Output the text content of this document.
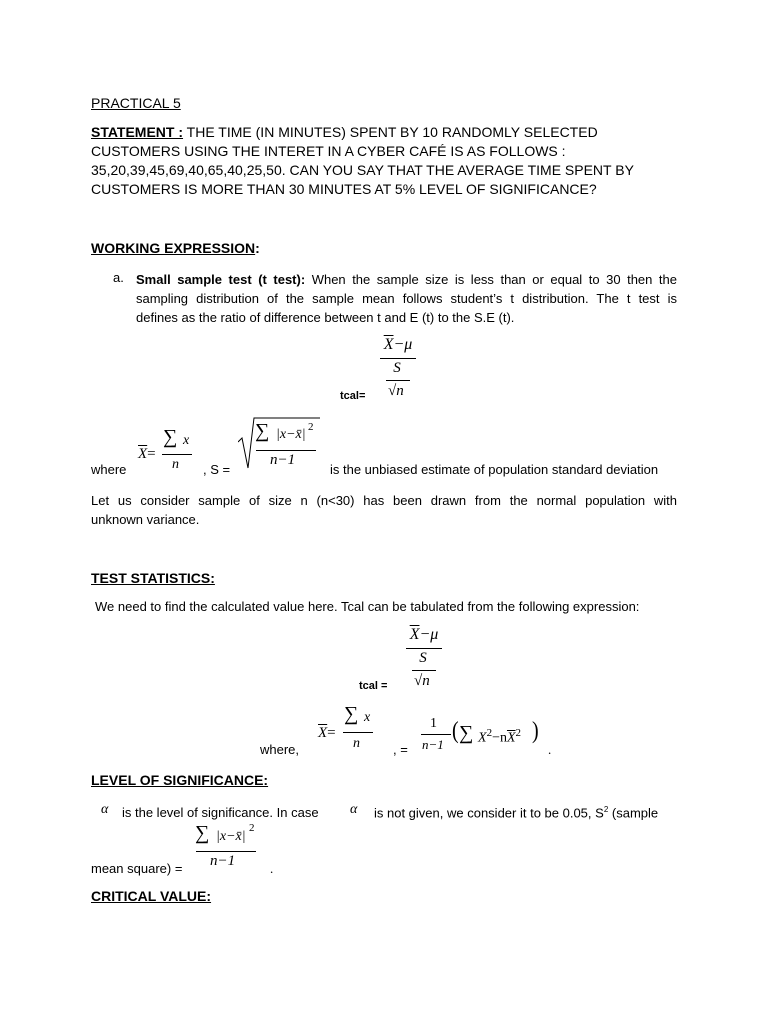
PRACTICAL 5
STATEMENT : THE TIME (IN MINUTES) SPENT BY 10 RANDOMLY SELECTED
CUSTOMERS USING THE INTERET IN A CYBER CAFÉ IS AS FOLLOWS :
35,20,39,45,69,40,65,40,25,50. CAN YOU SAY THAT THE AVERAGE TIME SPENT BY
CUSTOMERS IS MORE THAN 30 MINUTES AT 5% LEVEL OF SIGNIFICANCE?
WORKING EXPRESSION:
a. Small sample test (t test): When the sample size is less than or equal to 30 then the
sampling distribution of the sample mean follows student’s t distribution. The t test is
defines as the ratio of difference between t and E (t) to the S.E (t).
$\overline{X}-\mu$
S
√n
tcal=
$\overline{X}=$
∑ x
n
where	, S =
∑ |x−x̄| 2
n−1
is the unbiased estimate of population standard deviation
Let us consider sample of size n (n<30) has been drawn from the normal population with
unknown variance.
TEST STATISTICS:
We need to find the calculated value here. Tcal can be tabulated from the following expression:
$\overline{X}-\mu$
S
√n
tcal =
$\overline{X}=$
∑ x
n
where,	, =
1
n−1
( ∑ $X^2-n\overline{X}^2$ )
.
LEVEL OF SIGNIFICANCE:
α is the level of significance. In case α is not given, we consider it to be 0.05, $S^2$ (sample
∑ |x−x̄|
2
n−1
mean square) =	.
CRITICAL VALUE:
